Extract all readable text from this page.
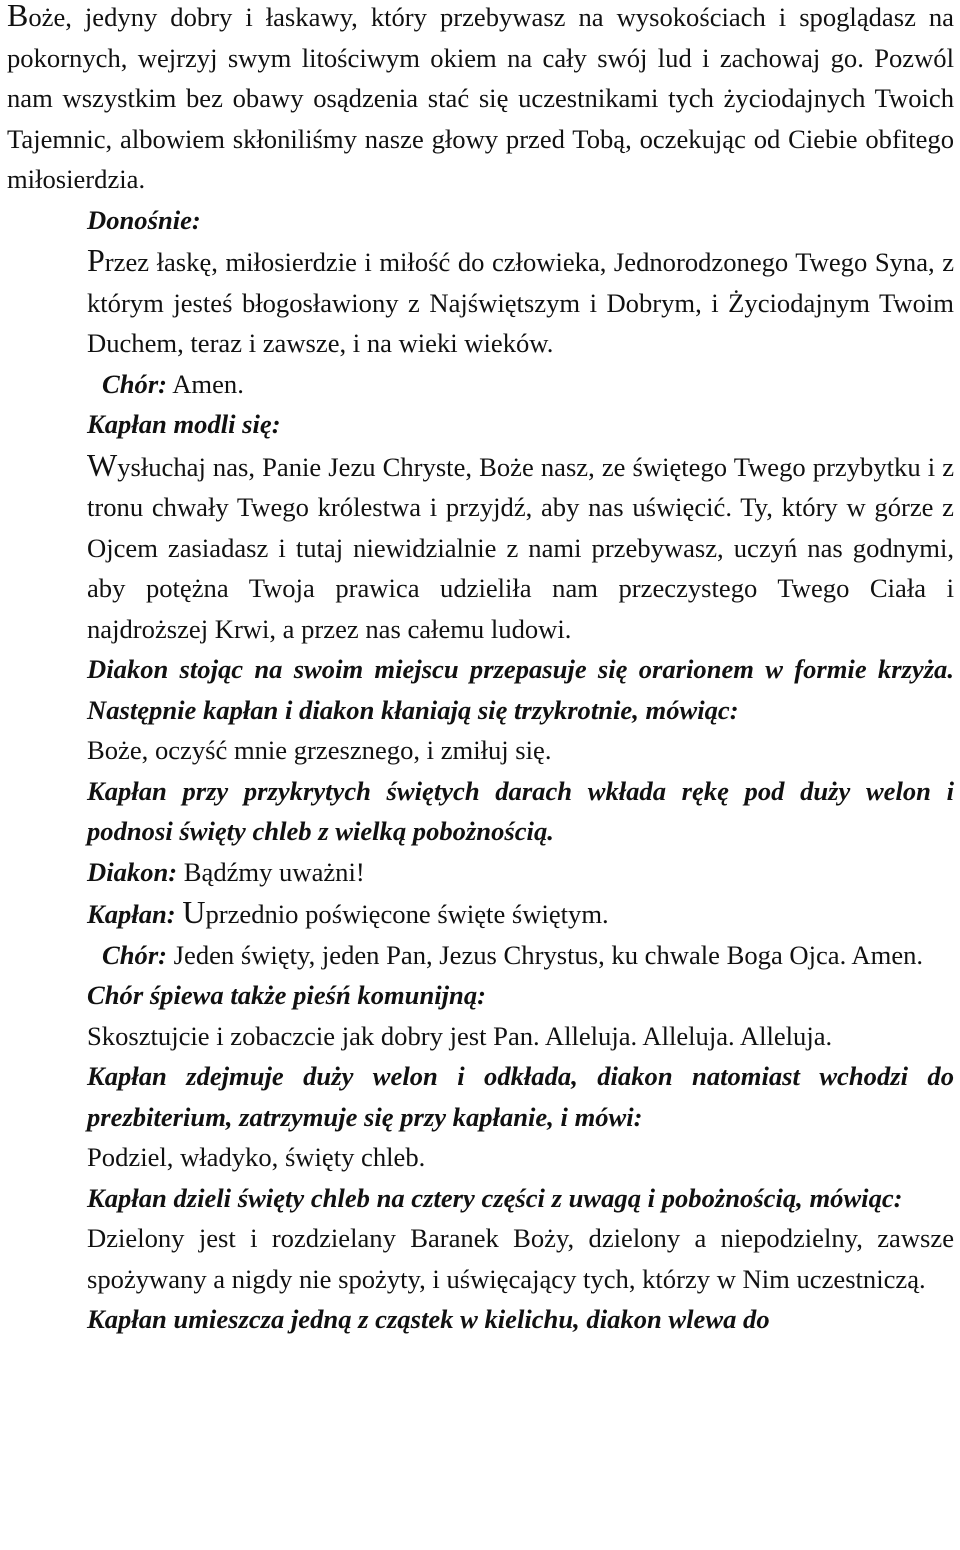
Boże, jedyny dobry i łaskawy, który przebywasz na wysokościach i spoglądasz na pokornych, wejrzyj swym litościwym okiem na cały swój lud i zachowaj go. Pozwól nam wszystkim bez obawy osądzenia stać się uczestnikami tych życiodajnych Twoich Tajemnic, albowiem skłoniliśmy nasze głowy przed Tobą, oczekując od Ciebie obfitego miłosierdzia.

Donośnie:

Przez łaskę, miłosierdzie i miłość do człowieka, Jednorodzonego Twego Syna, z którym jesteś błogosławiony z Najświętszym i Dobrym, i Życiodajnym Twoim Duchem, teraz i zawsze, i na wieki wieków.

Chór: Amen.

Kapłan modli się:

Wysłuchaj nas, Panie Jezu Chryste, Boże nasz, ze świętego Twego przybytku i z tronu chwały Twego królestwa i przyjdź, aby nas uświęcić. Ty, który w górze z Ojcem zasiadasz i tutaj niewidzialnie z nami przebywasz, uczyń nas godnymi, aby potężna Twoja prawica udzieliła nam przeczystego Twego Ciała i najdroższej Krwi, a przez nas całemu ludowi.

Diakon stojąc na swoim miejscu przepasuje się orarionem w formie krzyża. Następnie kapłan i diakon kłaniają się trzykrotnie, mówiąc:

Boże, oczyść mnie grzesznego, i zmiłuj się.

Kapłan przy przykrytych świętych darach wkłada rękę pod duży welon i podnosi święty chleb z wielką pobożnością.

Diakon: Bądźmy uważni!

Kapłan: Uprzednio poświęcone święte świętym.

Chór: Jeden święty, jeden Pan, Jezus Chrystus, ku chwale Boga Ojca. Amen.

Chór śpiewa także pieśń komunijną:

Skosztujcie i zobaczcie jak dobry jest Pan. Alleluja. Alleluja. Alleluja.

Kapłan zdejmuje duży welon i odkłada, diakon natomiast wchodzi do prezbiterium, zatrzymuje się przy kapłanie, i mówi:

Podziel, władyko, święty chleb.

Kapłan dzieli święty chleb na cztery części z uwagą i pobożnością, mówiąc:

Dzielony jest i rozdzielany Baranek Boży, dzielony a niepodzielny, zawsze spożywany a nigdy nie spożyty, i uświęcający tych, którzy w Nim uczestniczą.

Kapłan umieszcza jedną z cząstek w kielichu, diakon wlewa do
